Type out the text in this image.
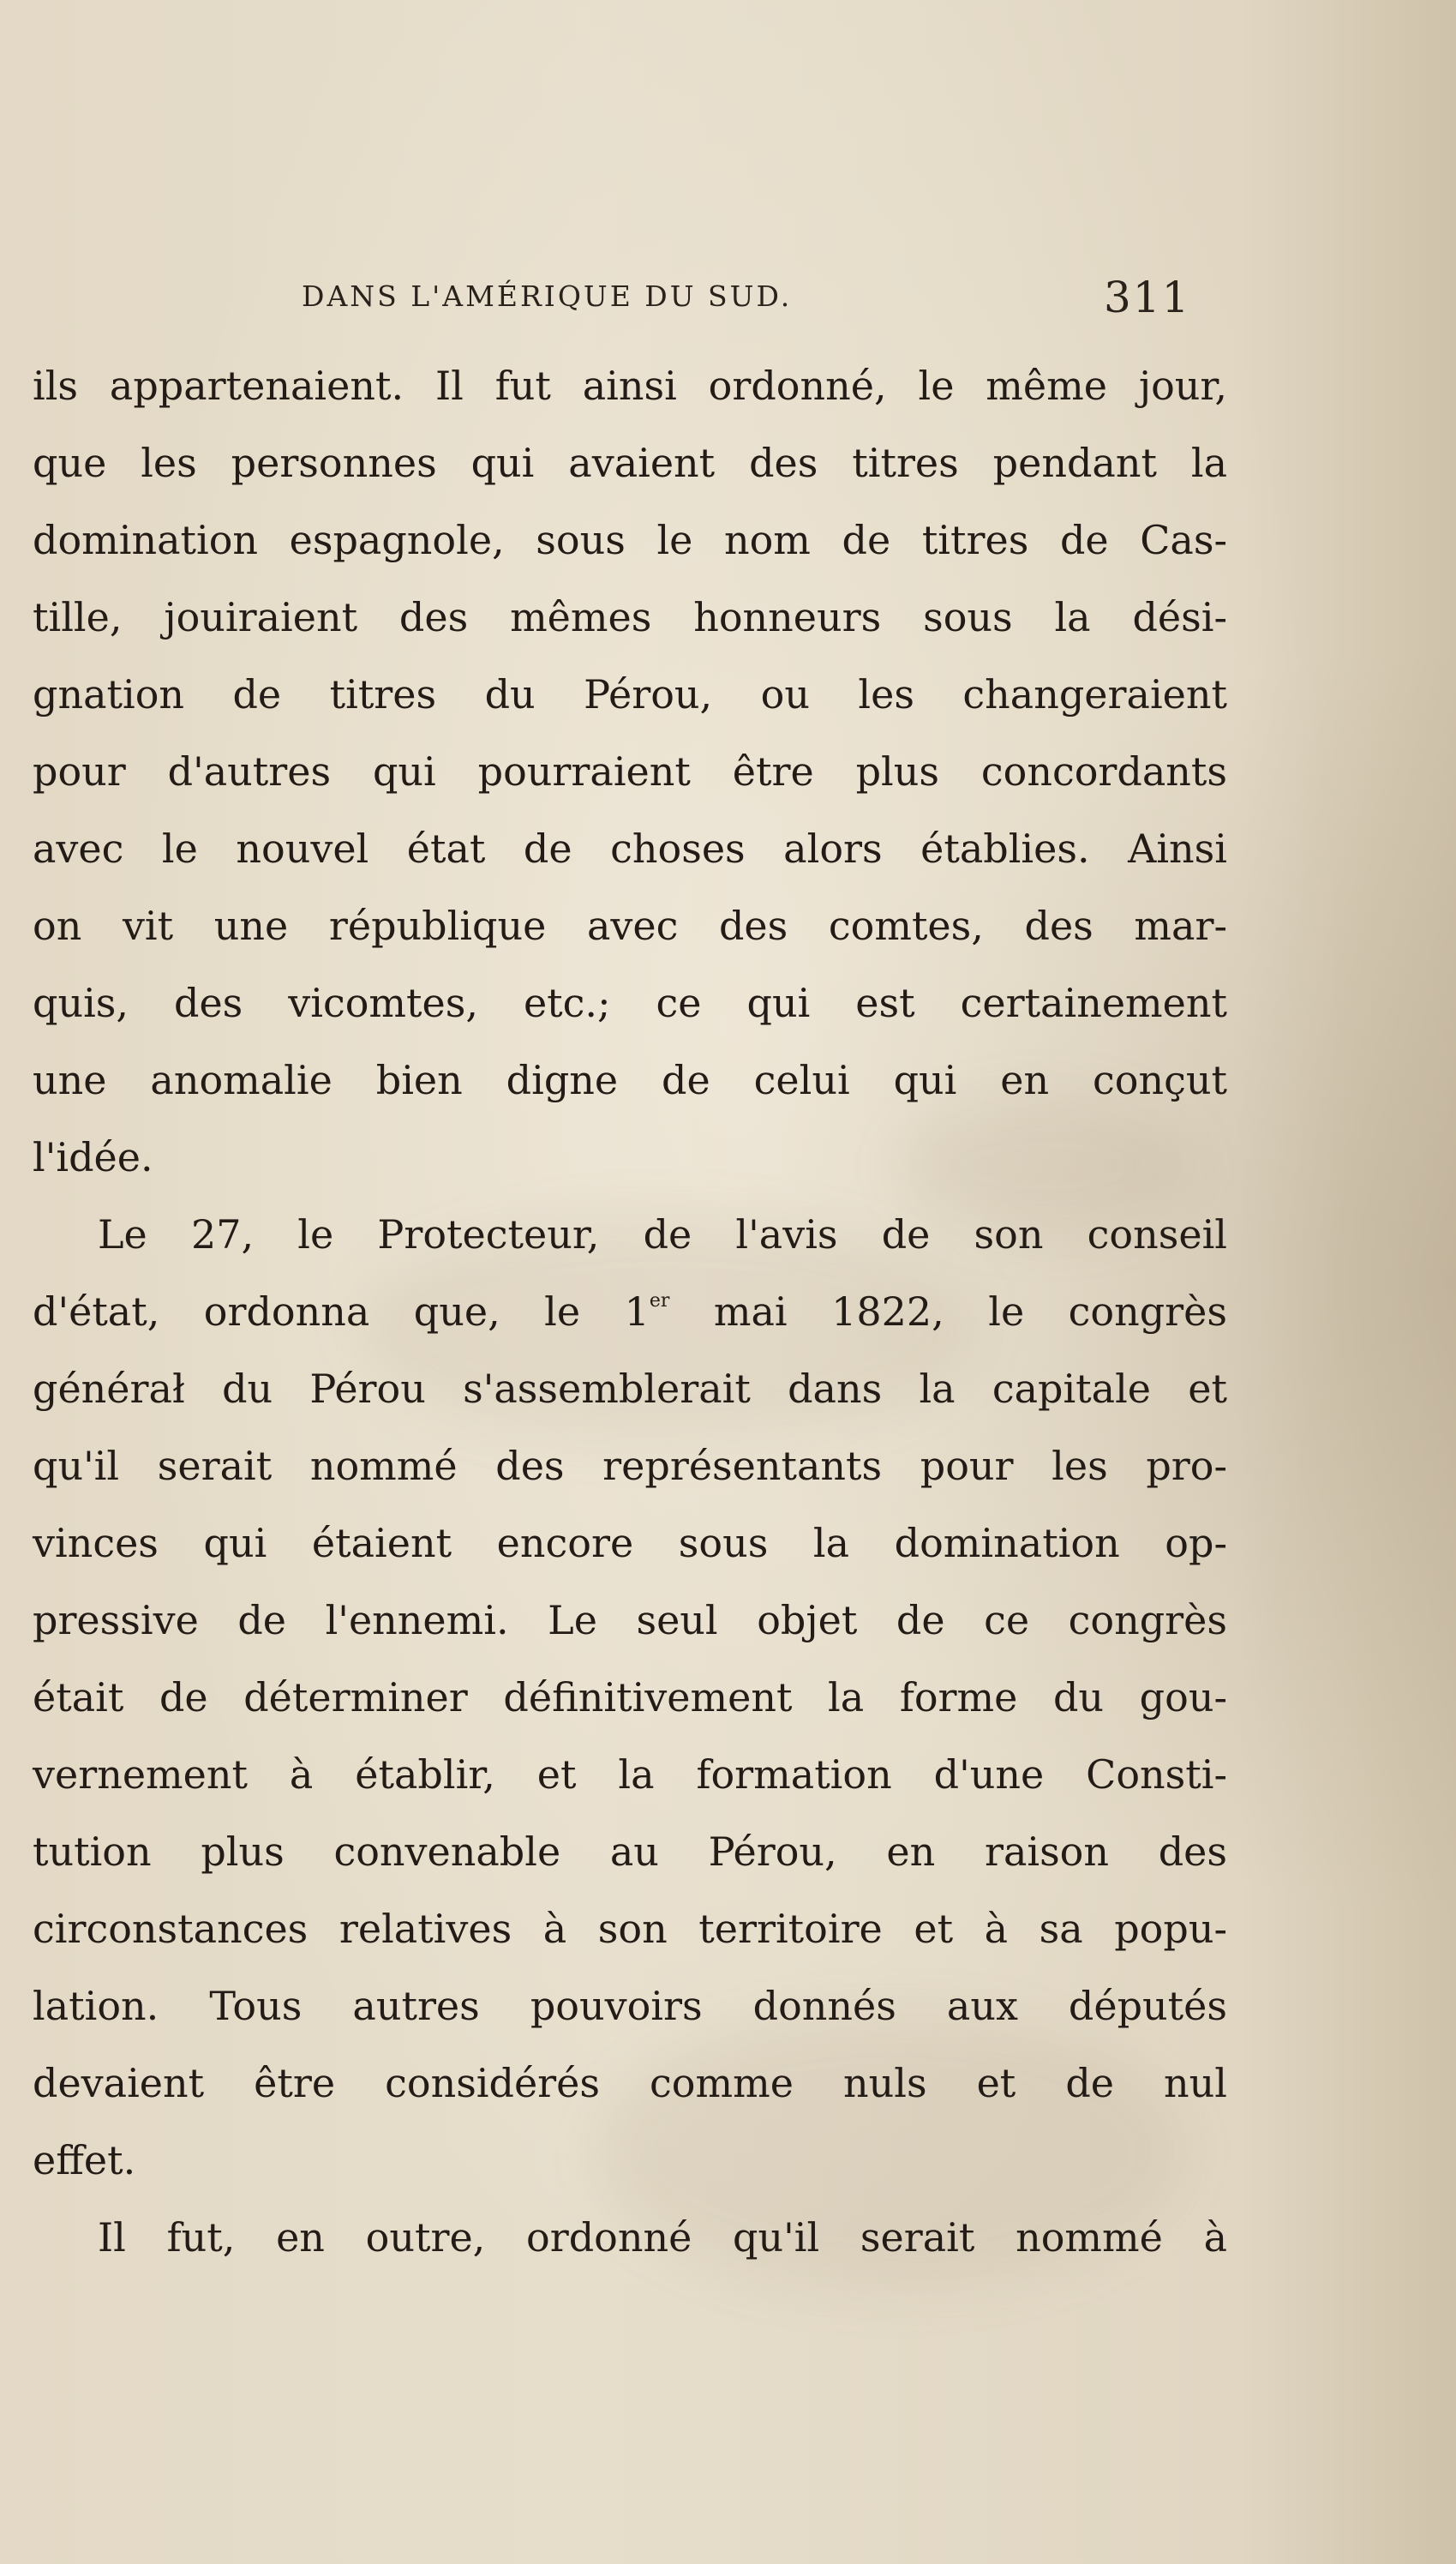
DANS L'AMÉRIQUE DU SUD.	311
ils appartenaient. Il fut ainsi ordonné, le même jour,
que les personnes qui avaient des titres pendant la
domination espagnole, sous le nom de titres de Cas-
tille, jouiraient des mêmes honneurs sous la dési-
gnation de titres du Pérou, ou les changeraient
pour d'autres qui pourraient être plus concordants
avec le nouvel état de choses alors établies. Ainsi
on vit une république avec des comtes, des mar-
quis, des vicomtes, etc.; ce qui est certainement
une anomalie bien digne de celui qui en conçut
l'idée.
Le 27, le Protecteur, de l'avis de son conseil
d'état, ordonna que, le 1er mai 1822, le congrès
générał du Pérou s'assemblerait dans la capitale et
qu'il serait nommé des représentants pour les pro-
vinces qui étaient encore sous la domination op-
pressive de l'ennemi. Le seul objet de ce congrès
était de déterminer définitivement la forme du gou-
vernement à établir, et la formation d'une Consti-
tution plus convenable au Pérou, en raison des
circonstances relatives à son territoire et à sa popu-
lation. Tous autres pouvoirs donnés aux députés
devaient être considérés comme nuls et de nul
effet.
Il fut, en outre, ordonné qu'il serait nommé à
